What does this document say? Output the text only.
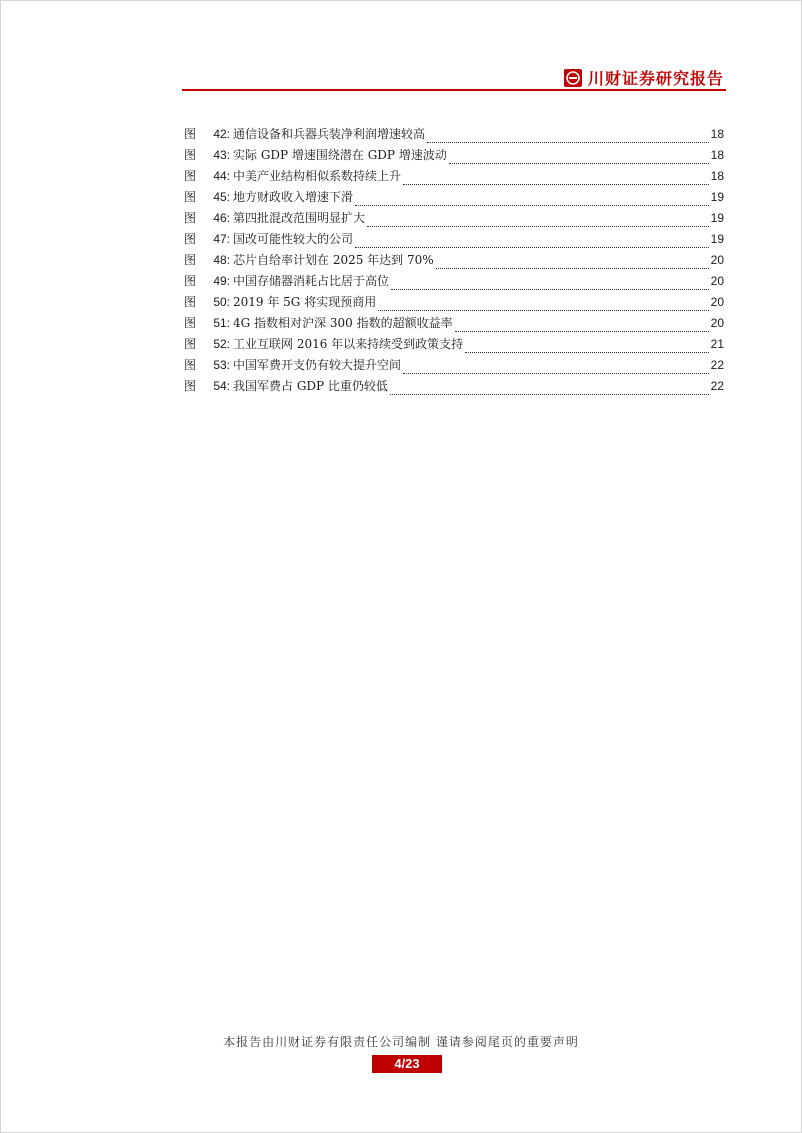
川财证券研究报告
图 42: 通信设备和兵器兵装净利润增速较高	18
图 43: 实际 GDP 增速围绕潜在 GDP 增速波动	18
图 44: 中美产业结构相似系数持续上升	18
图 45: 地方财政收入增速下滑	19
图 46: 第四批混改范围明显扩大	19
图 47: 国改可能性较大的公司	19
图 48: 芯片自给率计划在 2025 年达到 70%	20
图 49: 中国存储器消耗占比居于高位	20
图 50: 2019 年 5G 将实现预商用	20
图 51: 4G 指数相对沪深 300 指数的超额收益率	20
图 52: 工业互联网 2016 年以来持续受到政策支持	21
图 53: 中国军费开支仍有较大提升空间	22
图 54: 我国军费占 GDP 比重仍较低	22
本报告由川财证券有限责任公司编制 谨请参阅尾页的重要声明
4/23
